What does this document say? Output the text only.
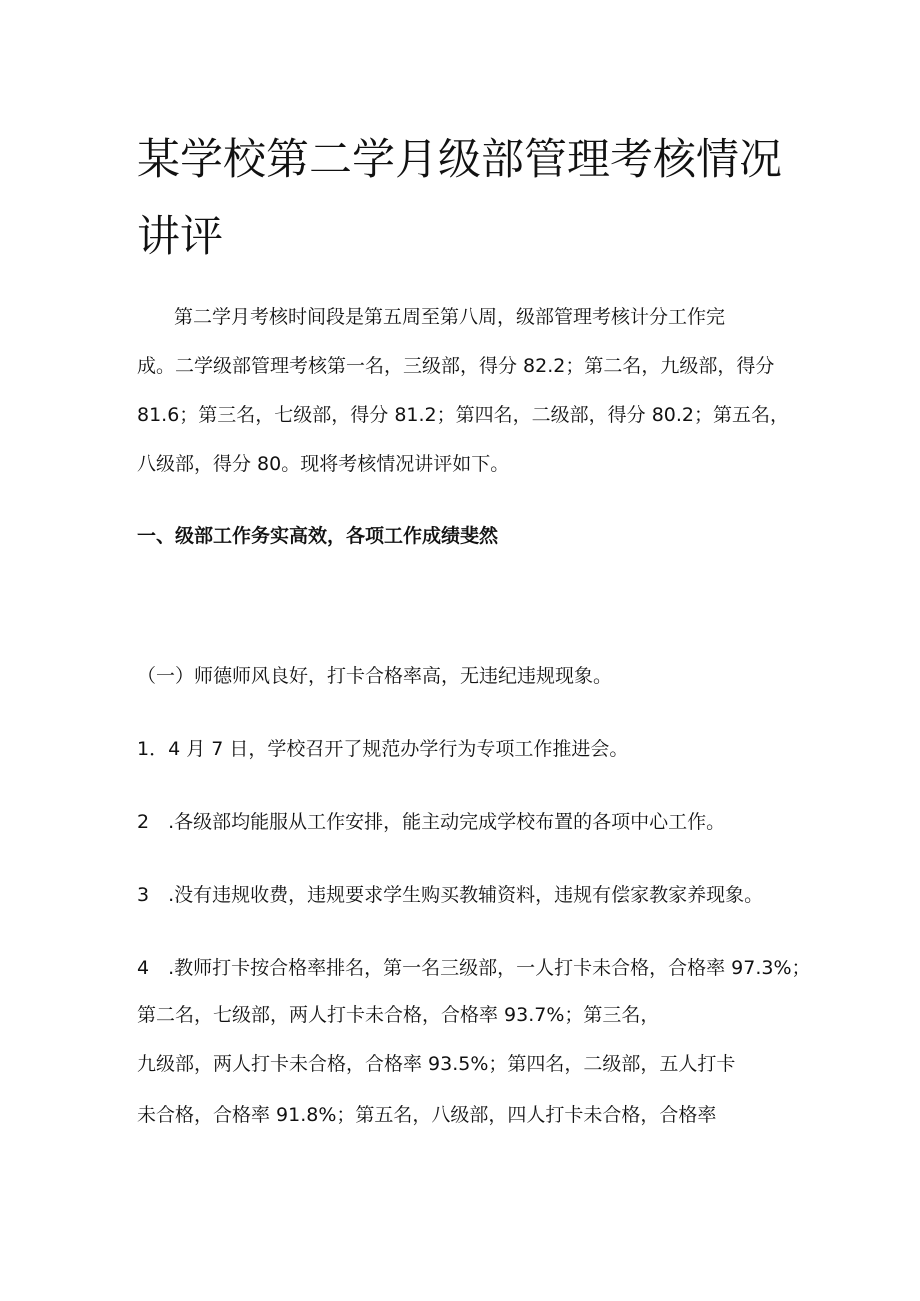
某学校第二学月级部管理考核情况
讲评

第二学月考核时间段是第五周至第八周，级部管理考核计分工作完

成。二学级部管理考核第一名，三级部，得分 82.2；第二名，九级部，得分

81.6；第三名，七级部，得分 81.2；第四名，二级部，得分 80.2；第五名，

八级部，得分 80。现将考核情况讲评如下。

一、级部工作务实高效，各项工作成绩斐然

（一）师德师风良好，打卡合格率高，无违纪违规现象。

1．4 月 7 日，学校召开了规范办学行为专项工作推进会。

2　.各级部均能服从工作安排，能主动完成学校布置的各项中心工作。

3　.没有违规收费，违规要求学生购买教辅资料，违规有偿家教家养现象。

4　.教师打卡按合格率排名，第一名三级部，一人打卡未合格，合格率 97.3%；

第二名，七级部，两人打卡未合格，合格率 93.7%；第三名，

九级部，两人打卡未合格，合格率 93.5%；第四名，二级部，五人打卡

未合格，合格率 91.8%；第五名，八级部，四人打卡未合格，合格率
